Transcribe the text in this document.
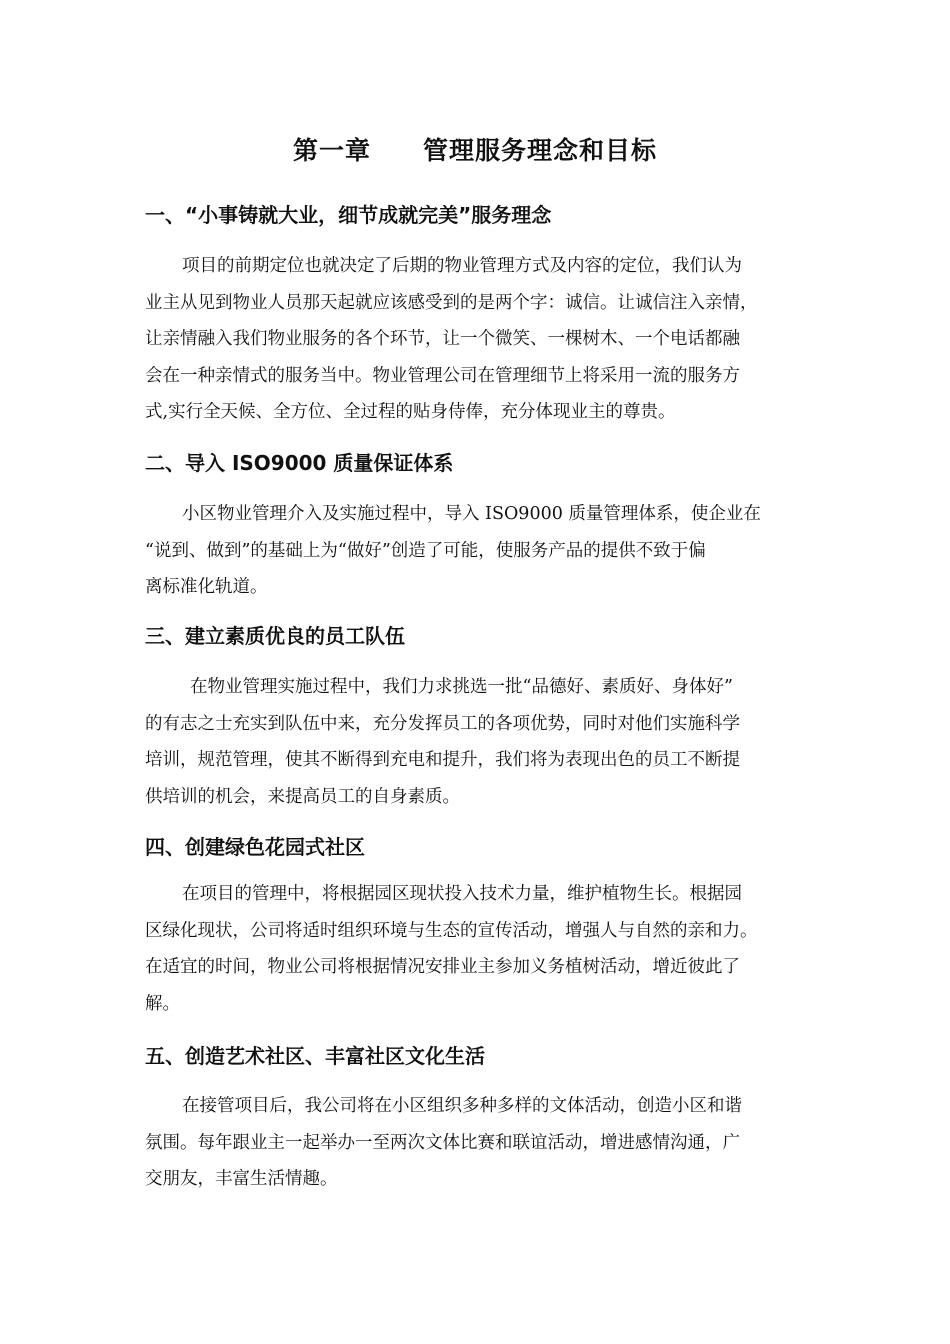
第一章 管理服务理念和目标
一、“小事铸就大业，细节成就完美”服务理念
项目的前期定位也就决定了后期的物业管理方式及内容的定位，我们认为
业主从见到物业人员那天起就应该感受到的是两个字：诚信。让诚信注入亲情，
让亲情融入我们物业服务的各个环节，让一个微笑、一棵树木、一个电话都融
会在一种亲情式的服务当中。物业管理公司在管理细节上将采用一流的服务方
式,实行全天候、全方位、全过程的贴身侍俸，充分体现业主的尊贵。
二、导入 ISO9000 质量保证体系
小区物业管理介入及实施过程中，导入 ISO9000 质量管理体系，使企业在
“说到、做到”的基础上为“做好”创造了可能，使服务产品的提供不致于偏
离标准化轨道。
三、建立素质优良的员工队伍
在物业管理实施过程中，我们力求挑选一批“品德好、素质好、身体好”
的有志之士充实到队伍中来，充分发挥员工的各项优势，同时对他们实施科学
培训，规范管理，使其不断得到充电和提升，我们将为表现出色的员工不断提
供培训的机会，来提高员工的自身素质。
四、创建绿色花园式社区
在项目的管理中，将根据园区现状投入技术力量，维护植物生长。根据园
区绿化现状，公司将适时组织环境与生态的宣传活动，增强人与自然的亲和力。
在适宜的时间，物业公司将根据情况安排业主参加义务植树活动，增近彼此了
解。
五、创造艺术社区、丰富社区文化生活
在接管项目后，我公司将在小区组织多种多样的文体活动，创造小区和谐
氛围。每年跟业主一起举办一至两次文体比赛和联谊活动，增进感情沟通，广
交朋友，丰富生活情趣。
